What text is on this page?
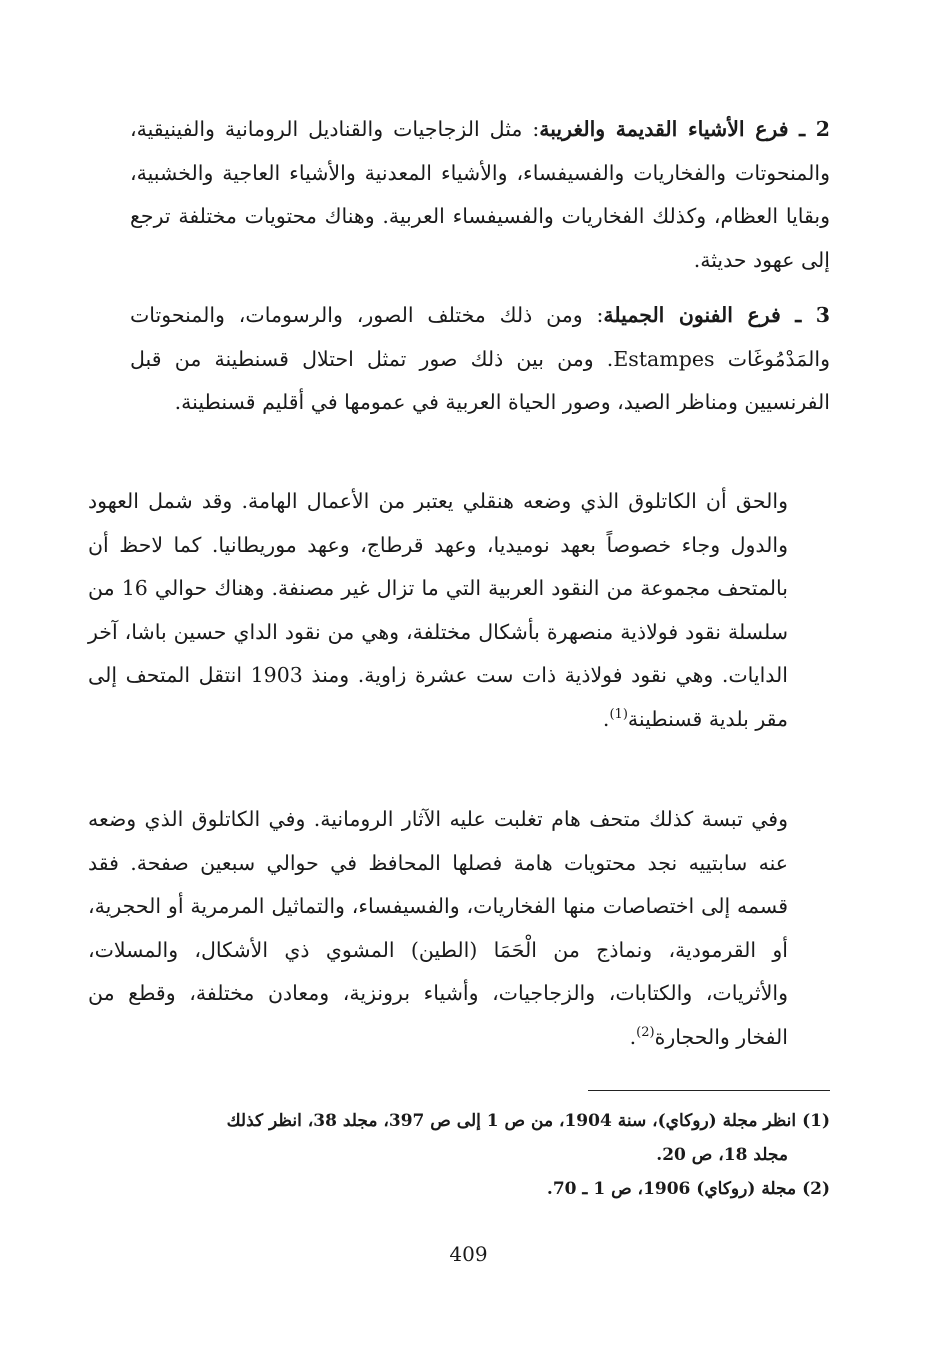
2 ـ فرع الأشياء القديمة والغريبة: مثل الزجاجيات والقناديل الرومانية والفينيقية، والمنحوتات والفخاريات والفسيفساء، والأشياء المعدنية والأشياء العاجية والخشبية، وبقايا العظام، وكذلك الفخاريات والفسيفساء العربية. وهناك محتويات مختلفة ترجع إلى عهود حديثة.

3 ـ فرع الفنون الجميلة: ومن ذلك مختلف الصور، والرسومات، والمنحوتات والمَدْمُوغَات Estampes. ومن بين ذلك صور تمثل احتلال قسنطينة من قبل الفرنسيين ومناظر الصيد، وصور الحياة العربية في عمومها في أقليم قسنطينة.

والحق أن الكاتلوق الذي وضعه هنقلي يعتبر من الأعمال الهامة. وقد شمل العهود والدول وجاء خصوصاً بعهد نوميديا، وعهد قرطاج، وعهد موريطانيا. كما لاحظ أن بالمتحف مجموعة من النقود العربية التي ما تزال غير مصنفة. وهناك حوالي 16 من سلسلة نقود فولاذية منصهرة بأشكال مختلفة، وهي من نقود الداي حسين باشا، آخر الدايات. وهي نقود فولاذية ذات ست عشرة زاوية. ومنذ 1903 انتقل المتحف إلى مقر بلدية قسنطينة$^{(1)}$.

وفي تبسة كذلك متحف هام تغلبت عليه الآثار الرومانية. وفي الكاتلوق الذي وضعه عنه سابتييه نجد محتويات هامة فصلها المحافظ في حوالي سبعين صفحة. فقد قسمه إلى اختصاصات منها الفخاريات، والفسيفساء، والتماثيل المرمرية أو الحجرية، أو القرمودية، ونماذج من الْحَمَا (الطين) المشوي ذي الأشكال، والمسلات، والأثريات، والكتابات، والزجاجيات، وأشياء برونزية، ومعادن مختلفة، وقطع من الفخار والحجارة$^{(2)}$.

(1) انظر مجلة (روكاي)، سنة 1904، من ص 1 إلى ص 397، مجلد 38، انظر كذلك

مجلد 18، ص 20.

(2) مجلة (روكاي) 1906، ص 1 ـ 70.

409
